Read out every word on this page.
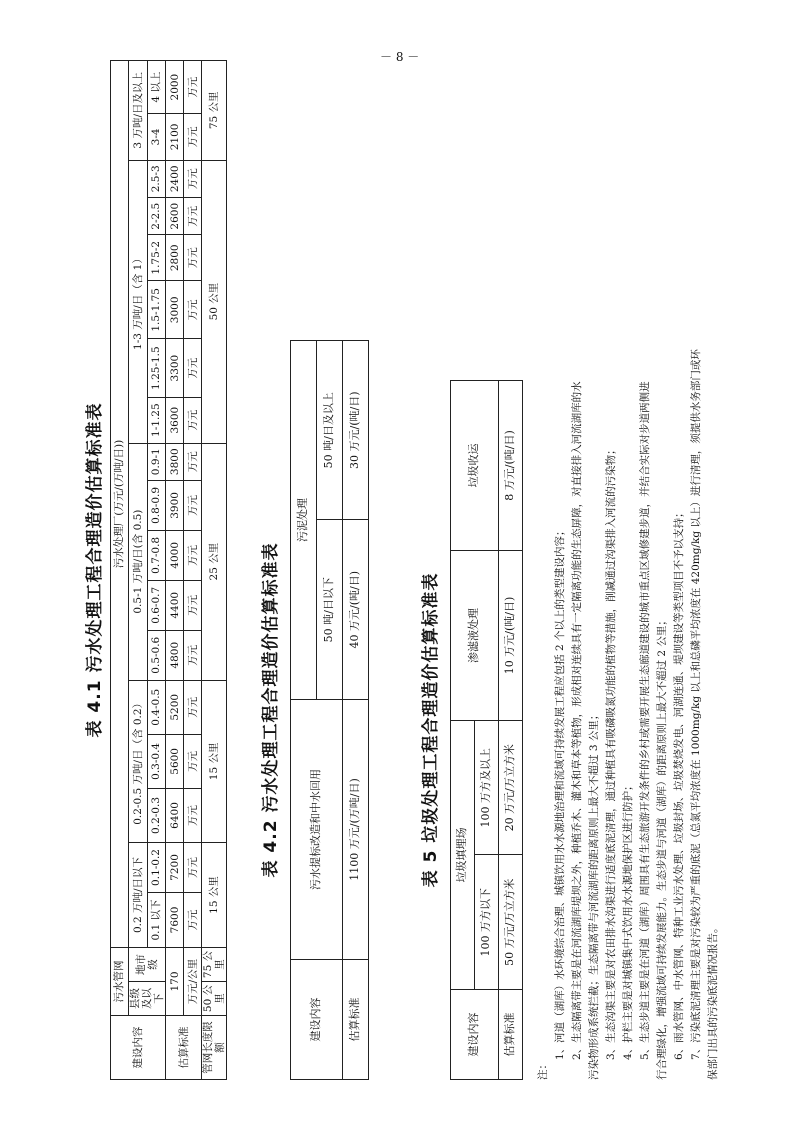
表 4.1 污水处理工程合理造价估算标准表
建设内容	污水管网		污水处理厂(万元/(万吨/日))																	
	县级及以下	地市级	0.2 万吨/日以下		0.2-0.5 万吨/日（含 0.2）			0.5-1 万吨/日(含 0.5)					1-3 万吨/日（含 1）						3 万吨/日及以上	
			0.1 以下	0.1-0.2	0.2-0.3	0.3-0.4	0.4-0.5	0.5-0.6	0.6-0.7	0.7-0.8	0.8-0.9	0.9-1	1-1.25	1.25-1.5	1.5-1.75	1.75-2	2-2.5	2.5-3	3-4	4 以上
估算标准	170		7600	7200	6400	5600	5200	4800	4400	4000	3900	3800	3600	3300	3000	2800	2600	2400	2100	2000
	万元/公里		万元	万元	万元	万元	万元	万元	万元	万元	万元	万元	万元	万元	万元	万元	万元	万元	万元	万元
管网长度限额	50 公里	75 公里	15 公里		15 公里			25 公里					50 公里						75 公里	
表 4.2 污水处理工程合理造价估算标准表
建设内容	污水提标改造和中水回用	污泥处理	
		50 吨/日以下	50 吨/日及以上
估算标准	1100 万元/(万吨/日)	40 万元/(吨/日)	30 万元/(吨/日)
表 5 垃圾处理工程合理造价估算标准表
建设内容	垃圾填埋场		渗滤液处理	垃圾收运
	100 万方以下	100 万方及以上		
估算标准	50 万元/万立方米	20 万元/万立方米	10 万元/(吨/日)	8 万元/(吨/日)

注：

1、河道（湖库）水环境综合治理、城镇饮用水水源地治理和流域可持续发展工程应包括 2 个以上的类型建设内容； 2、生态隔离带主要是在河流湖库堤坝之外，种植乔木、灌木和草本等植物，形成相对连续具有一定隔离功能的生态屏障，对直接排入河流湖库的水 污染物形成系统拦截；生态隔离带与河流湖库的距离原则上最大不超过 3 公里； 3、生态沟渠主要是对农田排水沟渠进行适度底泥清理，通过种植具有吸磷吸氮功能的植物等措施，削减通过沟渠排入河流的污染物； 4、护栏主要是对城镇集中式饮用水水源地保护区进行防护； 5、生态步道主要是在河道（湖库）周围具有生态旅游开发条件的乡村或需要开展生态廊道建设的城市重点区域修建步道，并结合实际对步道两侧进 行合理绿化，增强流域可持续发展能力。生态步道与河道（湖库）的距离原则上最大不超过 2 公里； 6、雨水管网、中水管网、特种工业污水处理、垃圾封场、垃圾焚烧发电、河湖连通、堤坝建设等类型项目不予以支持； 7、污染底泥清理主要是对污染较为严重的底泥（总氮平均浓度在 1000mg/kg 以上和总磷平均浓度在 420mg/kg 以上）进行清理，须提供水务部门或环 保部门出具的污染底泥情况报告。

－ 8 －
